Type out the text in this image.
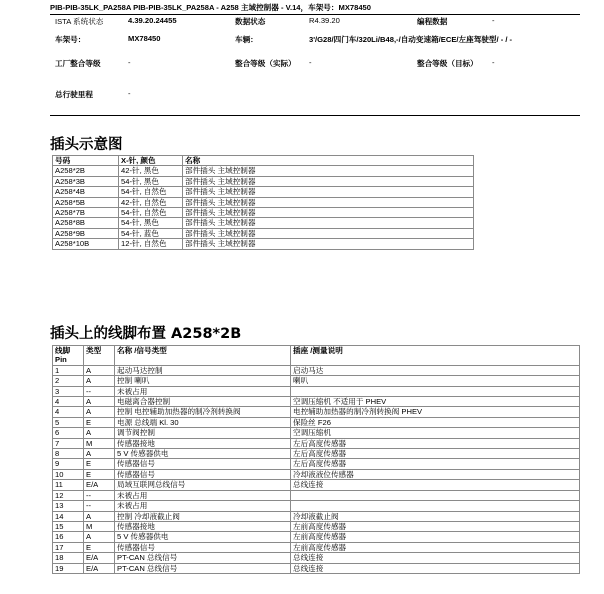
PIB-PIB-35LK_PA258A PIB-PIB-35LK_PA258A - A258 主域控制器 - V.14，车架号：MX78450
ISTA 系统状态	4.39.20.24455	数据状态	R4.39.20	编程数据	-
车架号：	MX78450	车辆：	3'/G28/四门车/320Li/B48,-/自动变速箱/ECE/左座驾驶型/ - / -		
工厂整合等级	-	整合等级（实际）	-	整合等级（目标）	-
总行驶里程	-				
插头示意图
号码	X-针, 颜色	名称
A258*2B	42-针, 黑色	部件插头 主域控制器
A258*3B	54-针, 黑色	部件插头 主域控制器
A258*4B	54-针, 自然色	部件插头 主域控制器
A258*5B	42-针, 自然色	部件插头 主域控制器
A258*7B	54-针, 自然色	部件插头 主域控制器
A258*8B	54-针, 黑色	部件插头 主域控制器
A258*9B	54-针, 蓝色	部件插头 主域控制器
A258*10B	12-针, 自然色	部件插头 主域控制器
插头上的线脚布置 A258*2B
线脚 Pin	类型	名称 /信号类型	插座 /测量说明
1	A	起动马达控制	启动马达
2	A	控制 喇叭	喇叭
3	--	未被占用	
4	A	电磁离合器控制	空调压缩机 不适用于 PHEV
4	A	控制 电控辅助加热器的制冷剂转换阀	电控辅助加热器的制冷剂转换阀 PHEV
5	E	电源 总线端 Kl. 30	保险丝 F26
6	A	调节阀控制	空调压缩机
7	M	传感器接地	左后高度传感器
8	A	5 V 传感器供电	左后高度传感器
9	E	传感器信号	左后高度传感器
10	E	传感器信号	冷却液液位传感器
11	E/A	局域互联网总线信号	总线连接
12	--	未被占用	
13	--	未被占用	
14	A	控制 冷却液截止阀	冷却液截止阀
15	M	传感器接地	左前高度传感器
16	A	5 V 传感器供电	左前高度传感器
17	E	传感器信号	左前高度传感器
18	E/A	PT-CAN 总线信号	总线连接
19	E/A	PT-CAN 总线信号	总线连接
